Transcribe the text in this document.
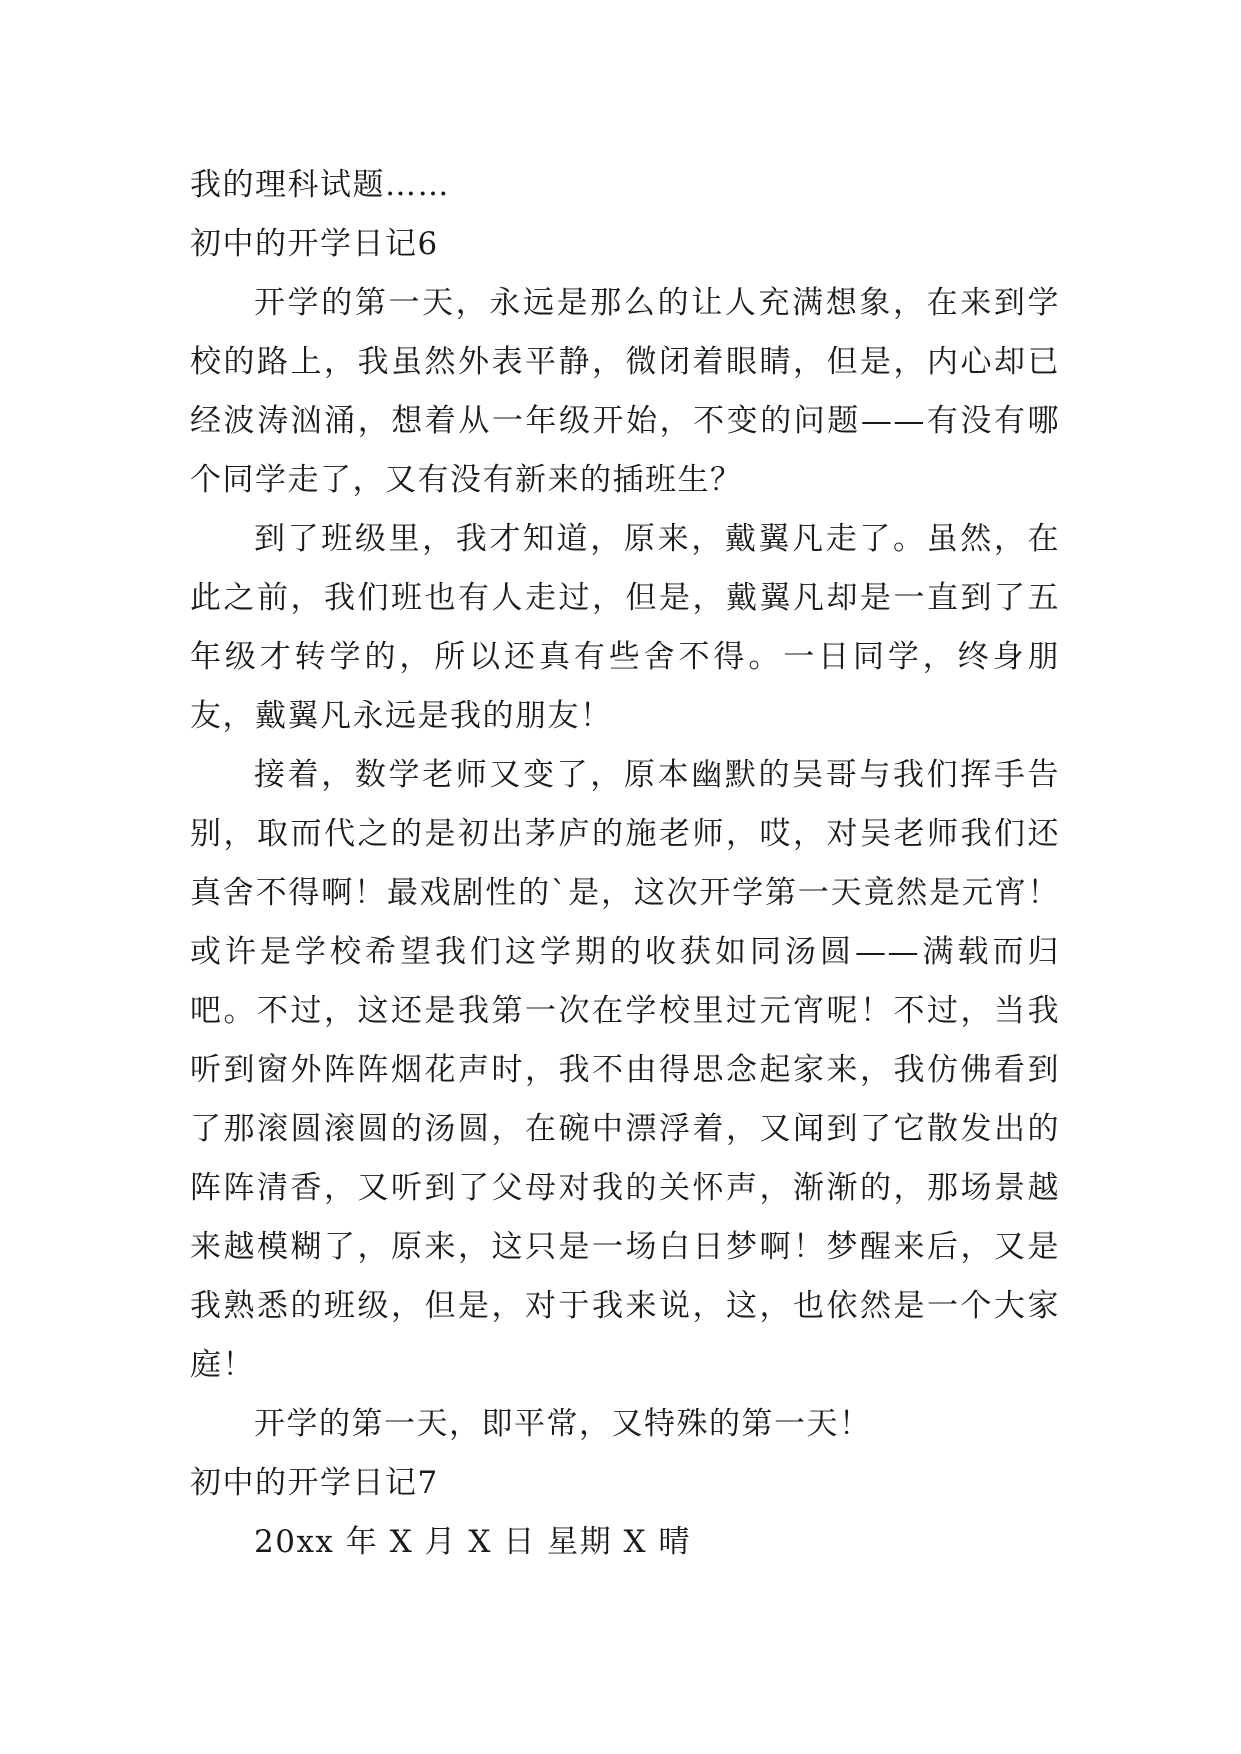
我的理科试题……

初中的开学日记6

开学的第一天，永远是那么的让人充满想象，在来到学校的路上，我虽然外表平静，微闭着眼睛，但是，内心却已经波涛汹涌，想着从一年级开始，不变的问题——有没有哪个同学走了，又有没有新来的插班生？

到了班级里，我才知道，原来，戴翼凡走了。虽然，在此之前，我们班也有人走过，但是，戴翼凡却是一直到了五年级才转学的，所以还真有些舍不得。一日同学，终身朋友，戴翼凡永远是我的朋友！

接着，数学老师又变了，原本幽默的吴哥与我们挥手告别，取而代之的是初出茅庐的施老师，哎，对吴老师我们还真舍不得啊！最戏剧性的`是，这次开学第一天竟然是元宵！或许是学校希望我们这学期的收获如同汤圆——满载而归吧。不过，这还是我第一次在学校里过元宵呢！不过，当我听到窗外阵阵烟花声时，我不由得思念起家来，我仿佛看到了那滚圆滚圆的汤圆，在碗中漂浮着，又闻到了它散发出的阵阵清香，又听到了父母对我的关怀声，渐渐的，那场景越来越模糊了，原来，这只是一场白日梦啊！梦醒来后，又是我熟悉的班级，但是，对于我来说，这，也依然是一个大家庭！

开学的第一天，即平常，又特殊的第一天！

初中的开学日记7

20xx 年 X 月 X 日 星期 X 晴
